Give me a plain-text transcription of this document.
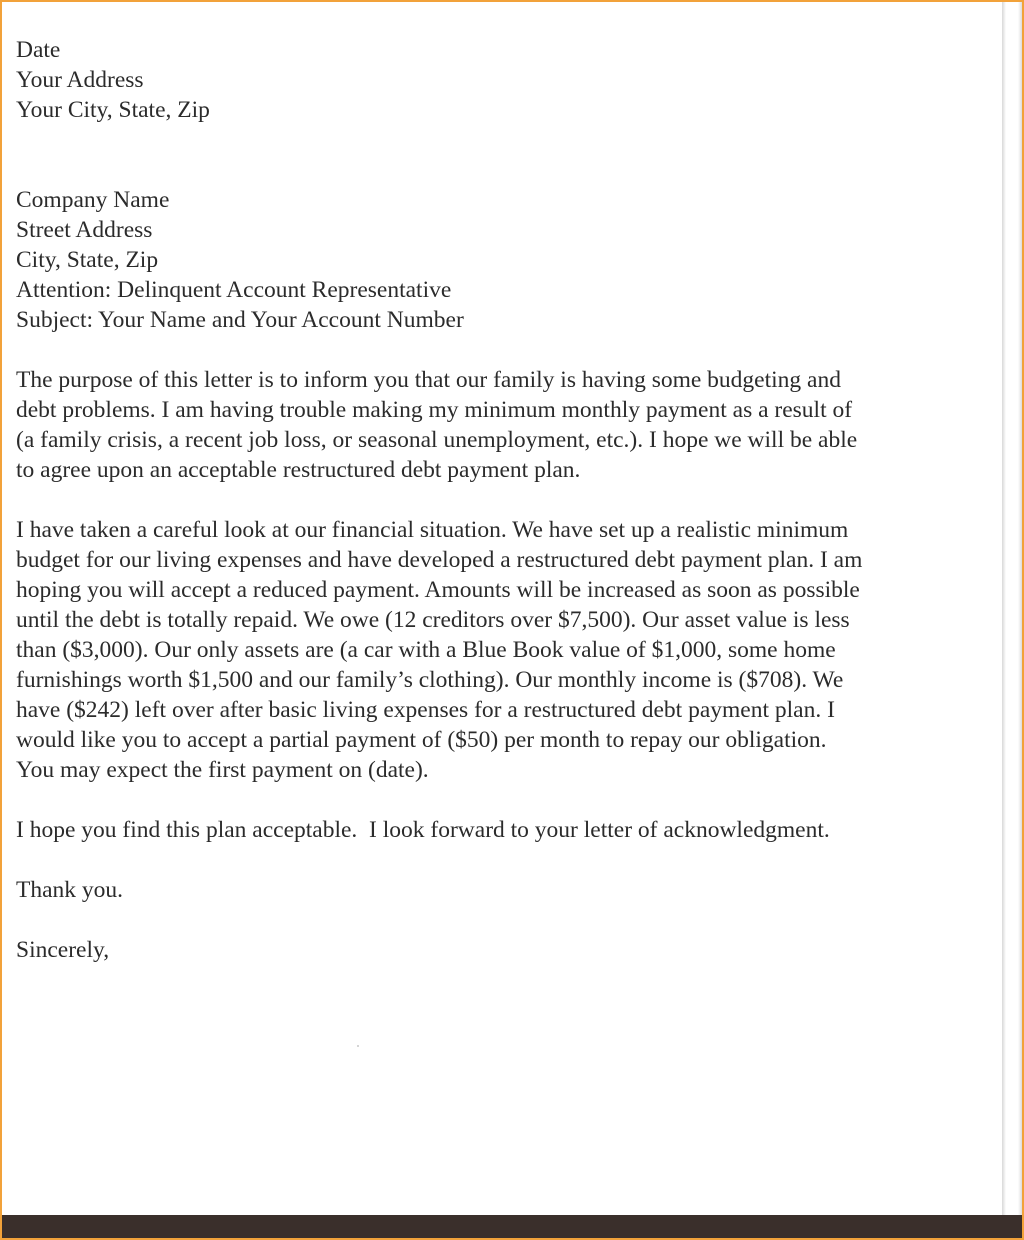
Date
Your Address
Your City, State, Zip
Company Name
Street Address
City, State, Zip
Attention: Delinquent Account Representative
Subject: Your Name and Your Account Number
The purpose of this letter is to inform you that our family is having some budgeting and
debt problems. I am having trouble making my minimum monthly payment as a result of
(a family crisis, a recent job loss, or seasonal unemployment, etc.). I hope we will be able
to agree upon an acceptable restructured debt payment plan.
I have taken a careful look at our financial situation. We have set up a realistic minimum
budget for our living expenses and have developed a restructured debt payment plan. I am
hoping you will accept a reduced payment. Amounts will be increased as soon as possible
until the debt is totally repaid. We owe (12 creditors over $7,500). Our asset value is less
than ($3,000). Our only assets are (a car with a Blue Book value of $1,000, some home
furnishings worth $1,500 and our family’s clothing). Our monthly income is ($708). We
have ($242) left over after basic living expenses for a restructured debt payment plan. I
would like you to accept a partial payment of ($50) per month to repay our obligation.
You may expect the first payment on (date).
I hope you find this plan acceptable.  I look forward to your letter of acknowledgment.
Thank you.
Sincerely,
